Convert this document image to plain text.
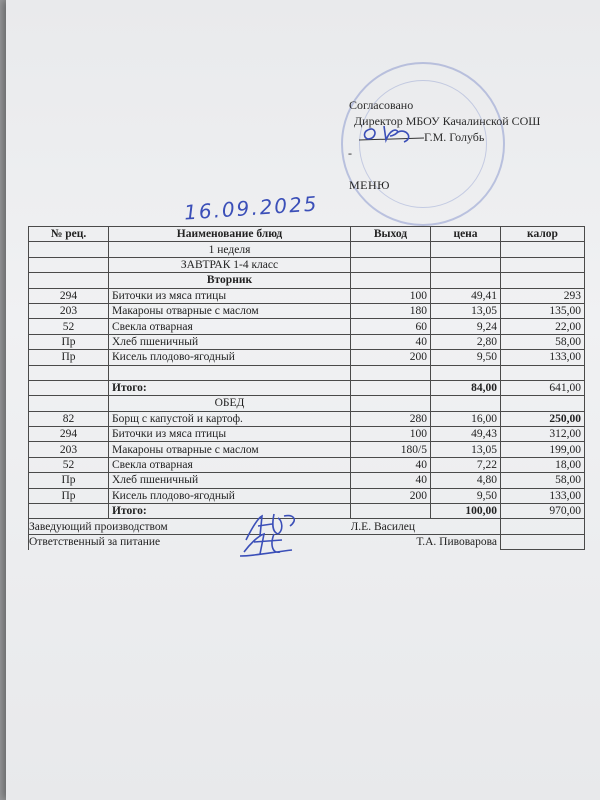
Согласовано
Директор МБОУ Качалинской СОШ
Г.М. Голубь
-
МЕНЮ
16.09.2025
№ рец.	Наименование блюд	Выход	цена	калор
	1 неделя			
	ЗАВТРАК 1-4 класс			
	Вторник			
294	Биточки из мяса птицы	100	49,41	293
203	Макароны отварные с маслом	180	13,05	135,00
52	Свекла отварная	60	9,24	22,00
Пр	Хлеб пшеничный	40	2,80	58,00
Пр	Кисель плодово-ягодный	200	9,50	133,00

	Итого:		84,00	641,00
	ОБЕД			
82	Борщ с капустой и картоф.	280	16,00	250,00
294	Биточки из мяса птицы	100	49,43	312,00
203	Макароны отварные с маслом	180/5	13,05	199,00
52	Свекла отварная	40	7,22	18,00
Пр	Хлеб пшеничный	40	4,80	58,00
Пр	Кисель плодово-ягодный	200	9,50	133,00
	Итого:		100,00	970,00
Заведующий производством		Л.Е. Василец		
Ответственный за питание		Т.А. Пивоварова		
